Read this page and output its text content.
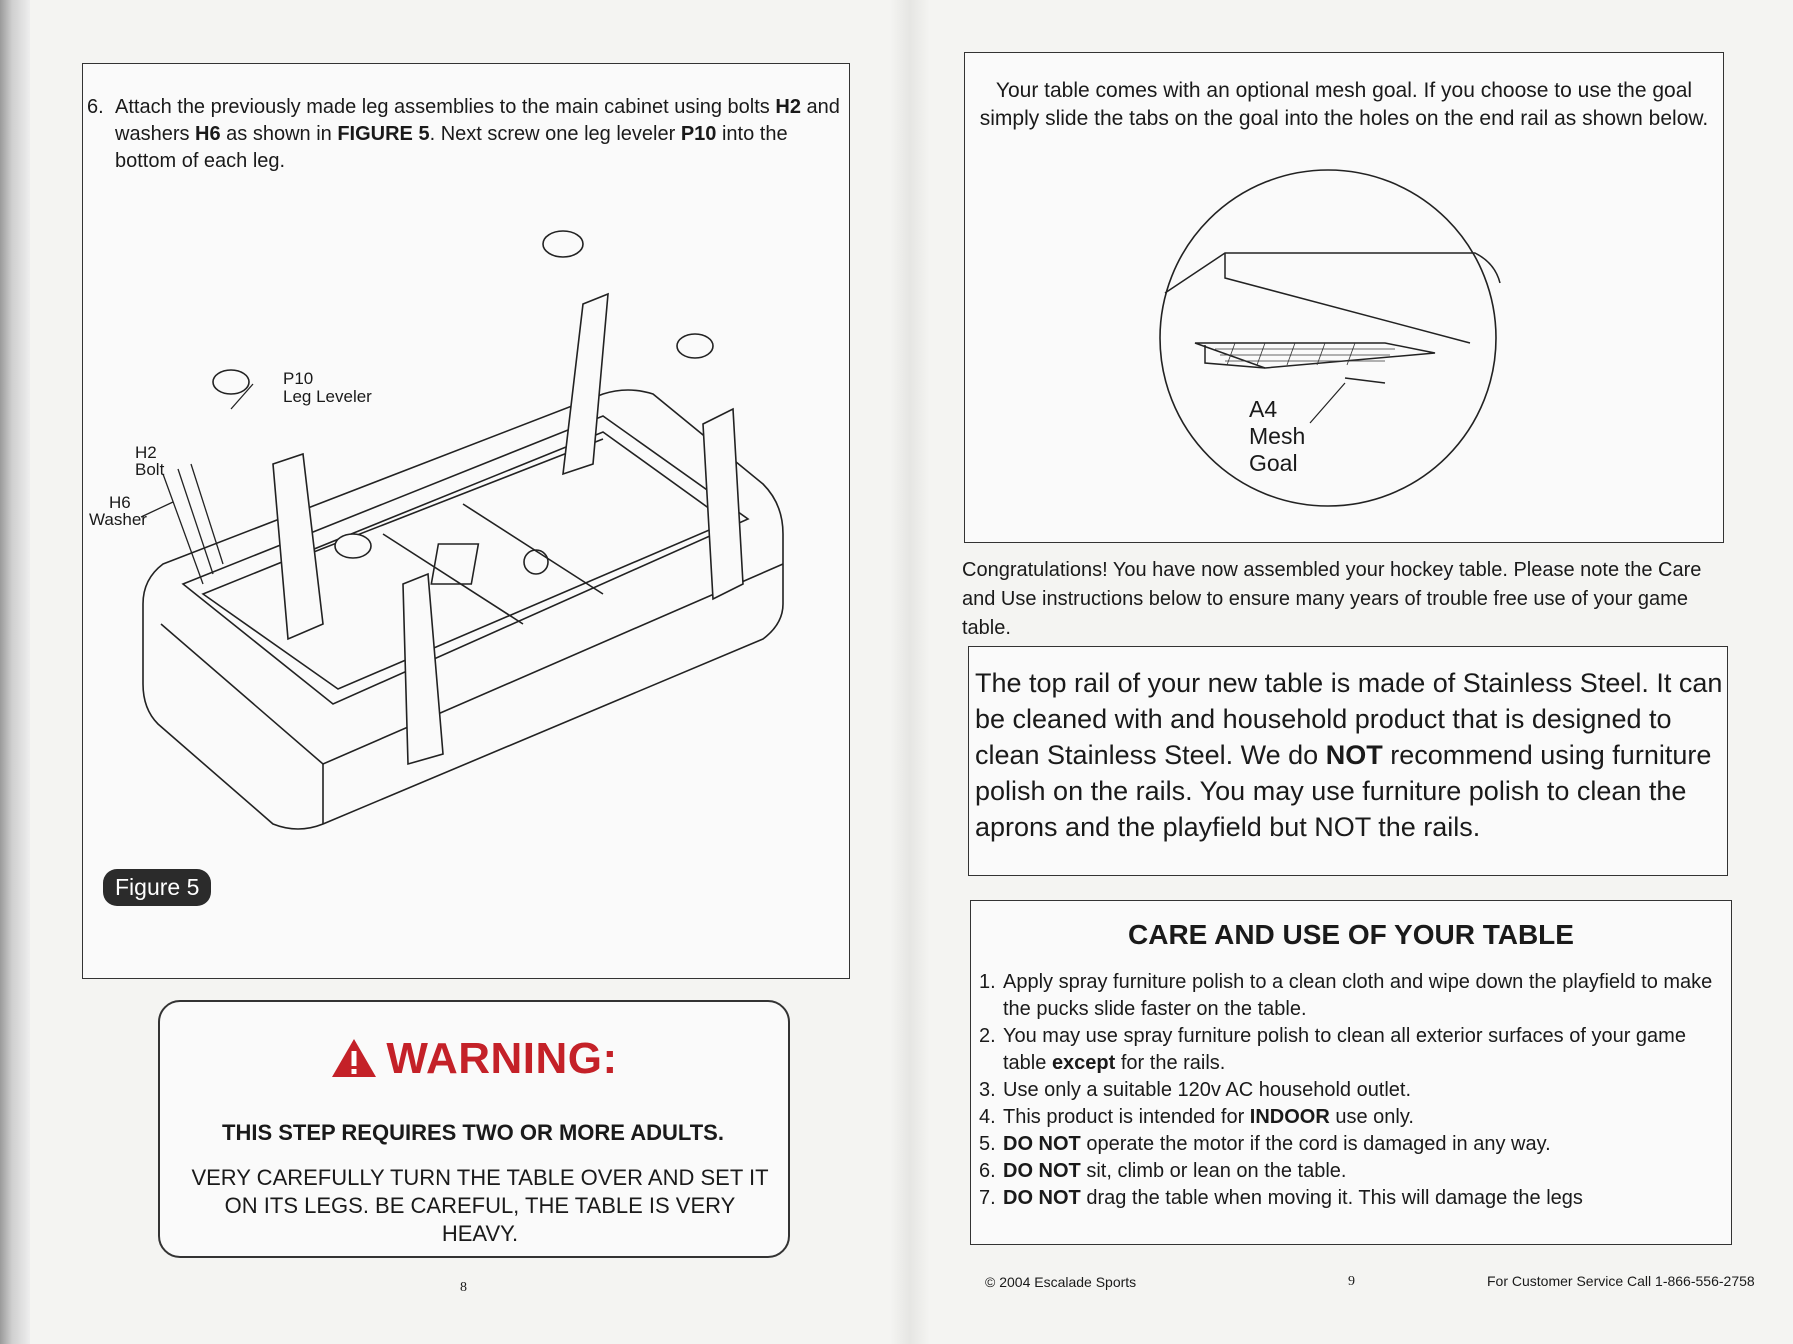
P10
Leg Leveler
H2
Bolt
H6
Washer
6. Attach the previously made leg assemblies to the main cabinet using bolts H2 and washers H6 as shown in FIGURE 5. Next screw one leg leveler P10 into the bottom of each leg.
Figure 5
WARNING:
THIS STEP REQUIRES TWO OR MORE ADULTS.
VERY CAREFULLY TURN THE TABLE OVER AND SET IT ON ITS LEGS. BE CAREFUL, THE TABLE IS VERY HEAVY.
8
Your table comes with an optional mesh goal. If you choose to use the goal simply slide the tabs on the goal into the holes on the end rail as shown below.
A4
Mesh
Goal
Congratulations! You have now assembled your hockey table. Please note the Care and Use instructions below to ensure many years of trouble free use of your game table.
The top rail of your new table is made of Stainless Steel. It can be cleaned with and household product that is designed to clean Stainless Steel. We do NOT recommend using furniture polish on the rails. You may use furniture polish to clean the aprons and the playfield but NOT the rails.
CARE AND USE OF YOUR TABLE
1. Apply spray furniture polish to a clean cloth and wipe down the playfield to make the pucks slide faster on the table.
2. You may use spray furniture polish to clean all exterior surfaces of your game table except for the rails.
3. Use only a suitable 120v AC household outlet.
4. This product is intended for INDOOR use only.
5. DO NOT operate the motor if the cord is damaged in any way.
6. DO NOT sit, climb or lean on the table.
7. DO NOT drag the table when moving it. This will damage the legs
© 2004 Escalade Sports	9	For Customer Service Call 1-866-556-2758
